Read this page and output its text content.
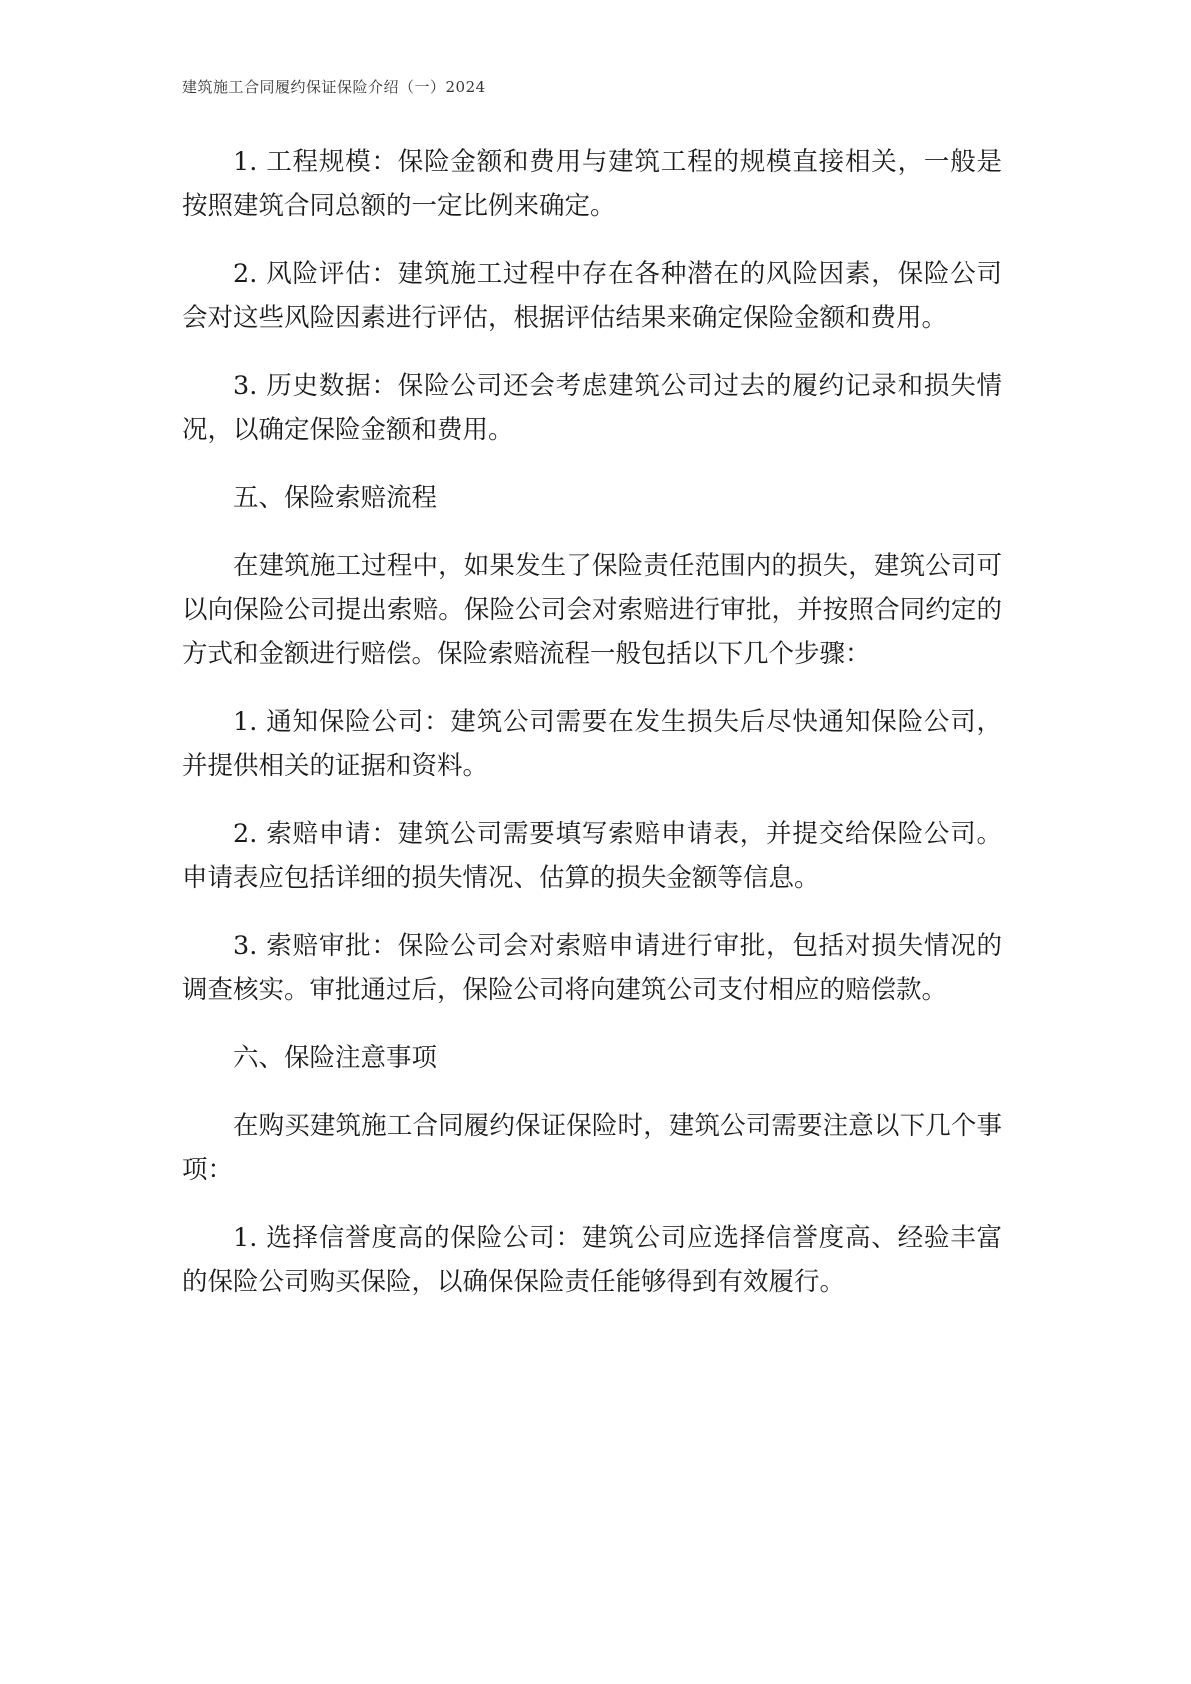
建筑施工合同履约保证保险介绍（一）2024

1. 工程规模：保险金额和费用与建筑工程的规模直接相关，一般是按照建筑合同总额的一定比例来确定。

2. 风险评估：建筑施工过程中存在各种潜在的风险因素，保险公司会对这些风险因素进行评估，根据评估结果来确定保险金额和费用。

3. 历史数据：保险公司还会考虑建筑公司过去的履约记录和损失情况，以确定保险金额和费用。

五、保险索赔流程

在建筑施工过程中，如果发生了保险责任范围内的损失，建筑公司可以向保险公司提出索赔。保险公司会对索赔进行审批，并按照合同约定的方式和金额进行赔偿。保险索赔流程一般包括以下几个步骤：

1. 通知保险公司：建筑公司需要在发生损失后尽快通知保险公司，并提供相关的证据和资料。

2. 索赔申请：建筑公司需要填写索赔申请表，并提交给保险公司。申请表应包括详细的损失情况、估算的损失金额等信息。

3. 索赔审批：保险公司会对索赔申请进行审批，包括对损失情况的调查核实。审批通过后，保险公司将向建筑公司支付相应的赔偿款。

六、保险注意事项

在购买建筑施工合同履约保证保险时，建筑公司需要注意以下几个事项：

1. 选择信誉度高的保险公司：建筑公司应选择信誉度高、经验丰富的保险公司购买保险，以确保保险责任能够得到有效履行。
